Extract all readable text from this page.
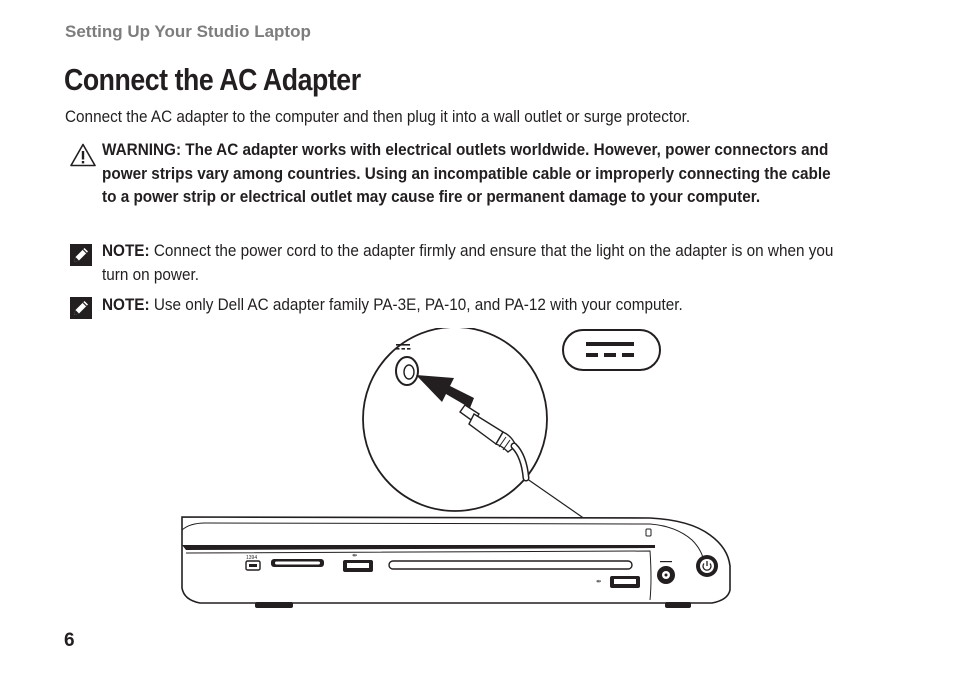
Setting Up Your Studio Laptop
Connect the AC Adapter
Connect the AC adapter to the computer and then plug it into a wall outlet or surge protector.
WARNING: The AC adapter works with electrical outlets worldwide. However, power connectors and power strips vary among countries. Using an incompatible cable or improperly connecting the cable to a power strip or electrical outlet may cause fire or permanent damage to your computer.
NOTE: Connect the power cord to the adapter firmly and ensure that the light on the adapter is on when you turn on power.
NOTE: Use only Dell AC adapter family PA-3E, PA-10, and PA-12 with your computer.
1394	⇹
⇹
6
